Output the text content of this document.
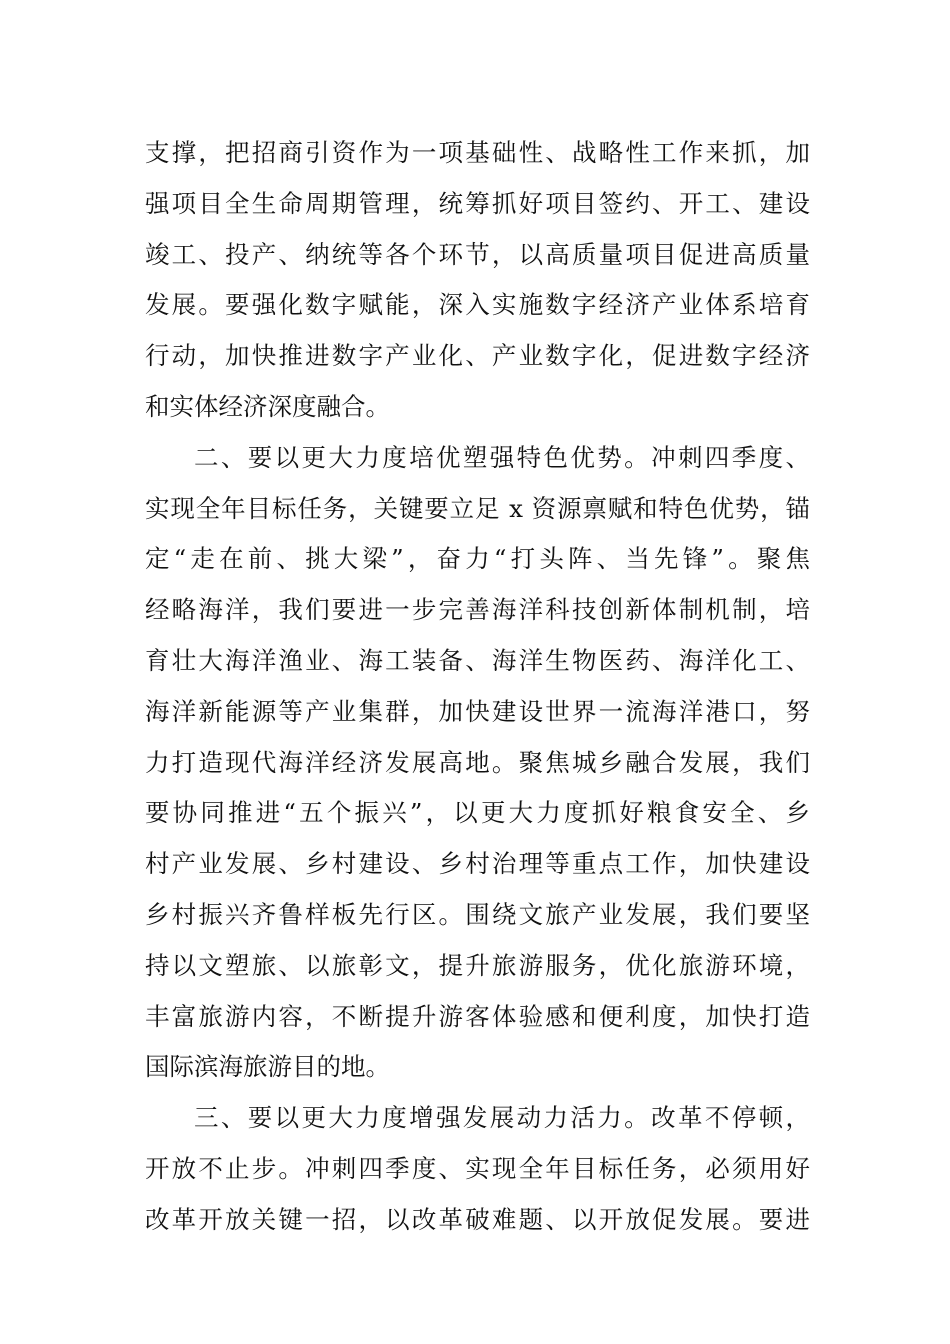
支撑，把招商引资作为一项基础性、战略性工作来抓，加
强项目全生命周期管理，统筹抓好项目签约、开工、建设
竣工、投产、纳统等各个环节，以高质量项目促进高质量
发展。要强化数字赋能，深入实施数字经济产业体系培育
行动，加快推进数字产业化、产业数字化，促进数字经济
和实体经济深度融合。
二、要以更大力度培优塑强特色优势。冲刺四季度、
实现全年目标任务，关键要立足 x 资源禀赋和特色优势，锚
定“走在前、挑大梁”，奋力“打头阵、当先锋”。聚焦
经略海洋，我们要进一步完善海洋科技创新体制机制，培
育壮大海洋渔业、海工装备、海洋生物医药、海洋化工、
海洋新能源等产业集群，加快建设世界一流海洋港口，努
力打造现代海洋经济发展高地。聚焦城乡融合发展，我们
要协同推进“五个振兴”，以更大力度抓好粮食安全、乡
村产业发展、乡村建设、乡村治理等重点工作，加快建设
乡村振兴齐鲁样板先行区。围绕文旅产业发展，我们要坚
持以文塑旅、以旅彰文，提升旅游服务，优化旅游环境，
丰富旅游内容，不断提升游客体验感和便利度，加快打造
国际滨海旅游目的地。
三、要以更大力度增强发展动力活力。改革不停顿，
开放不止步。冲刺四季度、实现全年目标任务，必须用好
改革开放关键一招，以改革破难题、以开放促发展。要进
